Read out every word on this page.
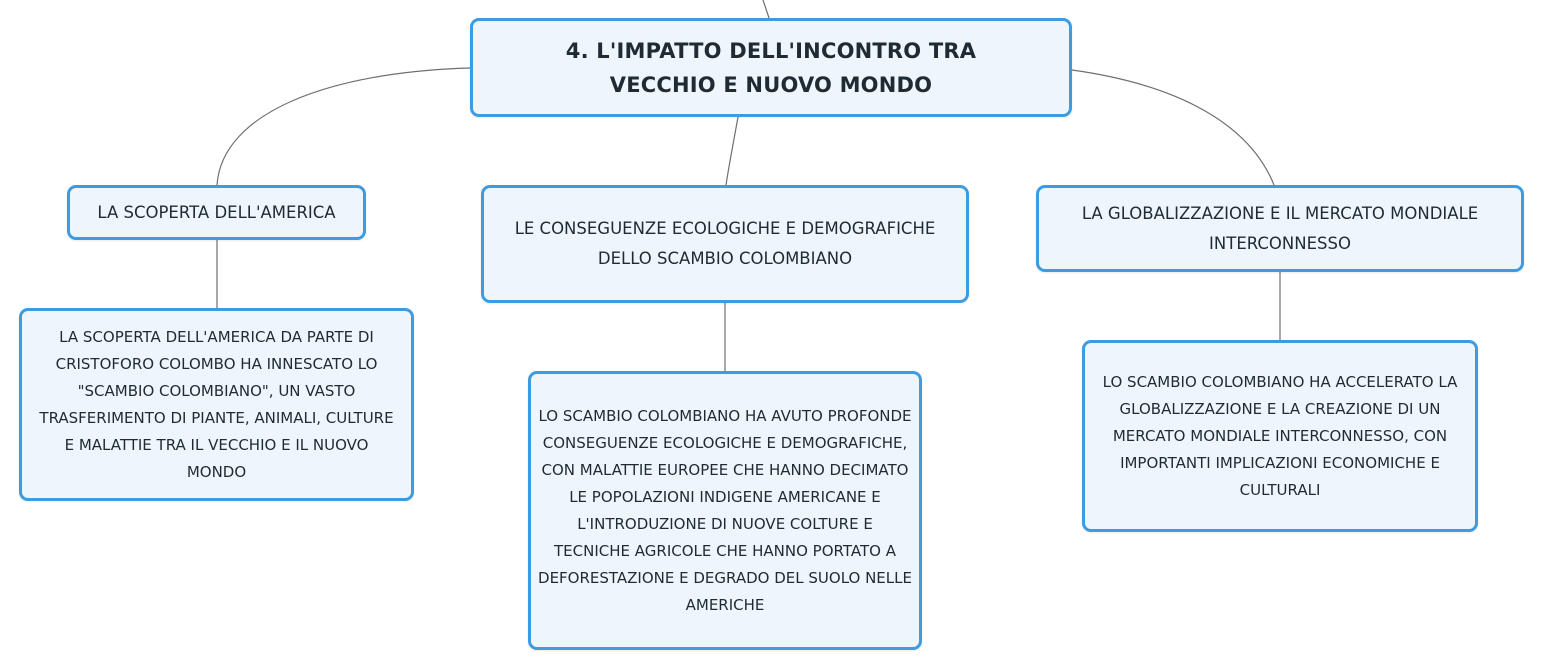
4. L'IMPATTO DELL'INCONTRO TRA VECCHIO E NUOVO MONDO
LA SCOPERTA DELL'AMERICA
LE CONSEGUENZE ECOLOGICHE E DEMOGRAFICHE DELLO SCAMBIO COLOMBIANO
LA GLOBALIZZAZIONE E IL MERCATO MONDIALE INTERCONNESSO
LA SCOPERTA DELL'AMERICA DA PARTE DI CRISTOFORO COLOMBO HA INNESCATO LO "SCAMBIO COLOMBIANO", UN VASTO TRASFERIMENTO DI PIANTE, ANIMALI, CULTURE E MALATTIE TRA IL VECCHIO E IL NUOVO MONDO
LO SCAMBIO COLOMBIANO HA AVUTO PROFONDE CONSEGUENZE ECOLOGICHE E DEMOGRAFICHE, CON MALATTIE EUROPEE CHE HANNO DECIMATO LE POPOLAZIONI INDIGENE AMERICANE E L'INTRODUZIONE DI NUOVE COLTURE E TECNICHE AGRICOLE CHE HANNO PORTATO A DEFORESTAZIONE E DEGRADO DEL SUOLO NELLE AMERICHE
LO SCAMBIO COLOMBIANO HA ACCELERATO LA GLOBALIZZAZIONE E LA CREAZIONE DI UN MERCATO MONDIALE INTERCONNESSO, CON IMPORTANTI IMPLICAZIONI ECONOMICHE E CULTURALI
